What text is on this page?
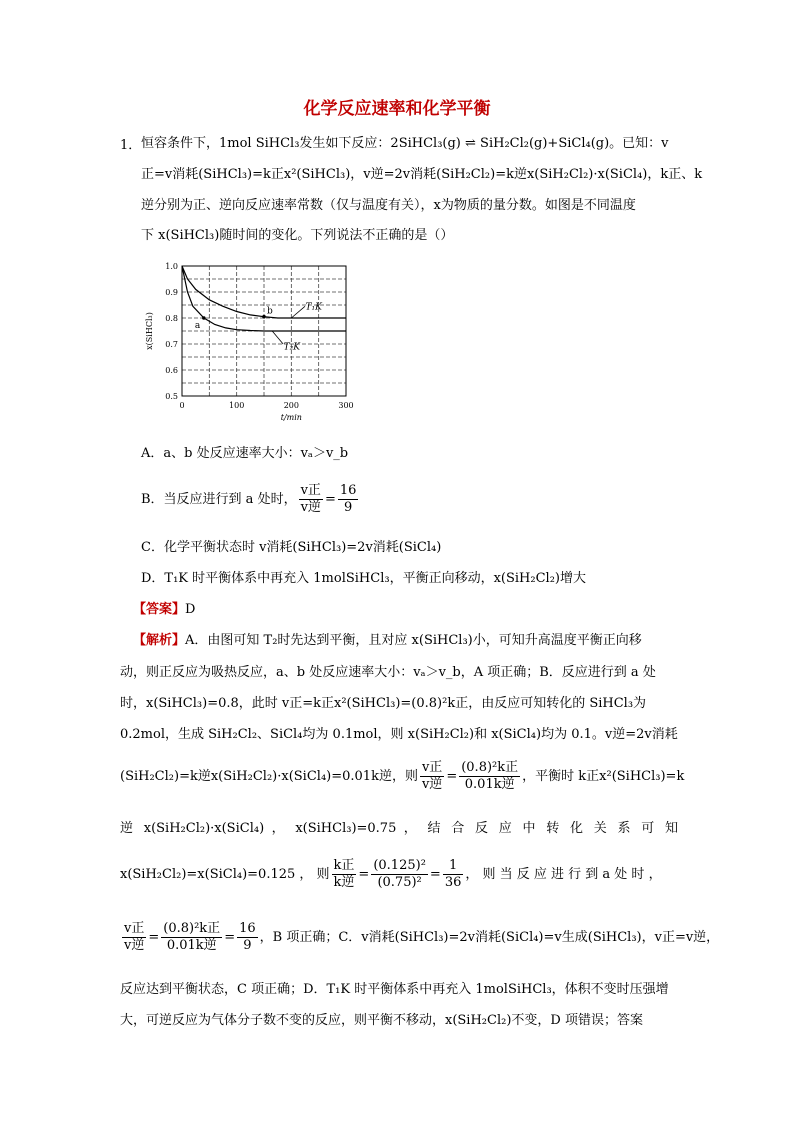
化学反应速率和化学平衡
1． 恒容条件下，1mol SiHCl₃发生如下反应：2SiHCl₃(g) ⇌ SiH₂Cl₂(g)+SiCl₄(g)。已知：v
正=v消耗(SiHCl₃)=k正x²(SiHCl₃)，v逆=2v消耗(SiH₂Cl₂)=k逆x(SiH₂Cl₂)·x(SiCl₄)，k正、k
逆分别为正、逆向反应速率常数（仅与温度有关），x为物质的量分数。如图是不同温度
下 x(SiHCl₃)随时间的变化。下列说法不正确的是（）
0	100	200	300
0.5
0.6
0.7
0.8
0.9
1.0
t/min
x(SiHCl₃)
T₁K
T₂K
a
b
A．a、b 处反应速率大小：vₐ＞v_b
B．当反应进行到 a 处时， $\frac{\text{v正}}{\text{v逆}} = \frac{16}{9}$
C．化学平衡状态时 v消耗(SiHCl₃)=2v消耗(SiCl₄)
D．T₁K 时平衡体系中再充入 1molSiHCl₃，平衡正向移动，x(SiH₂Cl₂)增大
【答案】D
【解析】A．由图可知 T₂时先达到平衡，且对应 x(SiHCl₃)小，可知升高温度平衡正向移
动，则正反应为吸热反应，a、b 处反应速率大小：vₐ＞v_b，A 项正确；B．反应进行到 a 处
时，x(SiHCl₃)=0.8，此时 v正=k正x²(SiHCl₃)=(0.8)²k正，由反应可知转化的 SiHCl₃为
0.2mol，生成 SiH₂Cl₂、SiCl₄均为 0.1mol，则 x(SiH₂Cl₂)和 x(SiCl₄)均为 0.1。v逆=2v消耗
(SiH₂Cl₂)=k逆x(SiH₂Cl₂)·x(SiCl₄)=0.01k逆，则 $\frac{\text{v正}}{\text{v逆}} = \frac{\text{(0.8)²k正}}{\text{0.01k逆}}$ ，平衡时 k正x²(SiHCl₃)=k
逆 x(SiH₂Cl₂)·x(SiCl₄) ， x(SiHCl₃)=0.75 ， 结 合 反 应 中 转 化 关 系 可 知
x(SiH₂Cl₂)=x(SiCl₄)=0.125 ， 则 $\frac{\text{k正}}{\text{k逆}} = \frac{\text{(0.125)²}}{\text{(0.75)²}} = \frac{1}{36}$ ， 则 当 反 应 进 行 到 a 处 时 ，
$\frac{\text{v正}}{\text{v逆}} = \frac{\text{(0.8)²k正}}{\text{0.01k逆}} = \frac{16}{9}$ ，B 项正确；C．v消耗(SiHCl₃)=2v消耗(SiCl₄)=v生成(SiHCl₃)，v正=v逆，
反应达到平衡状态，C 项正确；D．T₁K 时平衡体系中再充入 1molSiHCl₃，体积不变时压强增
大，可逆反应为气体分子数不变的反应，则平衡不移动，x(SiH₂Cl₂)不变，D 项错误；答案
